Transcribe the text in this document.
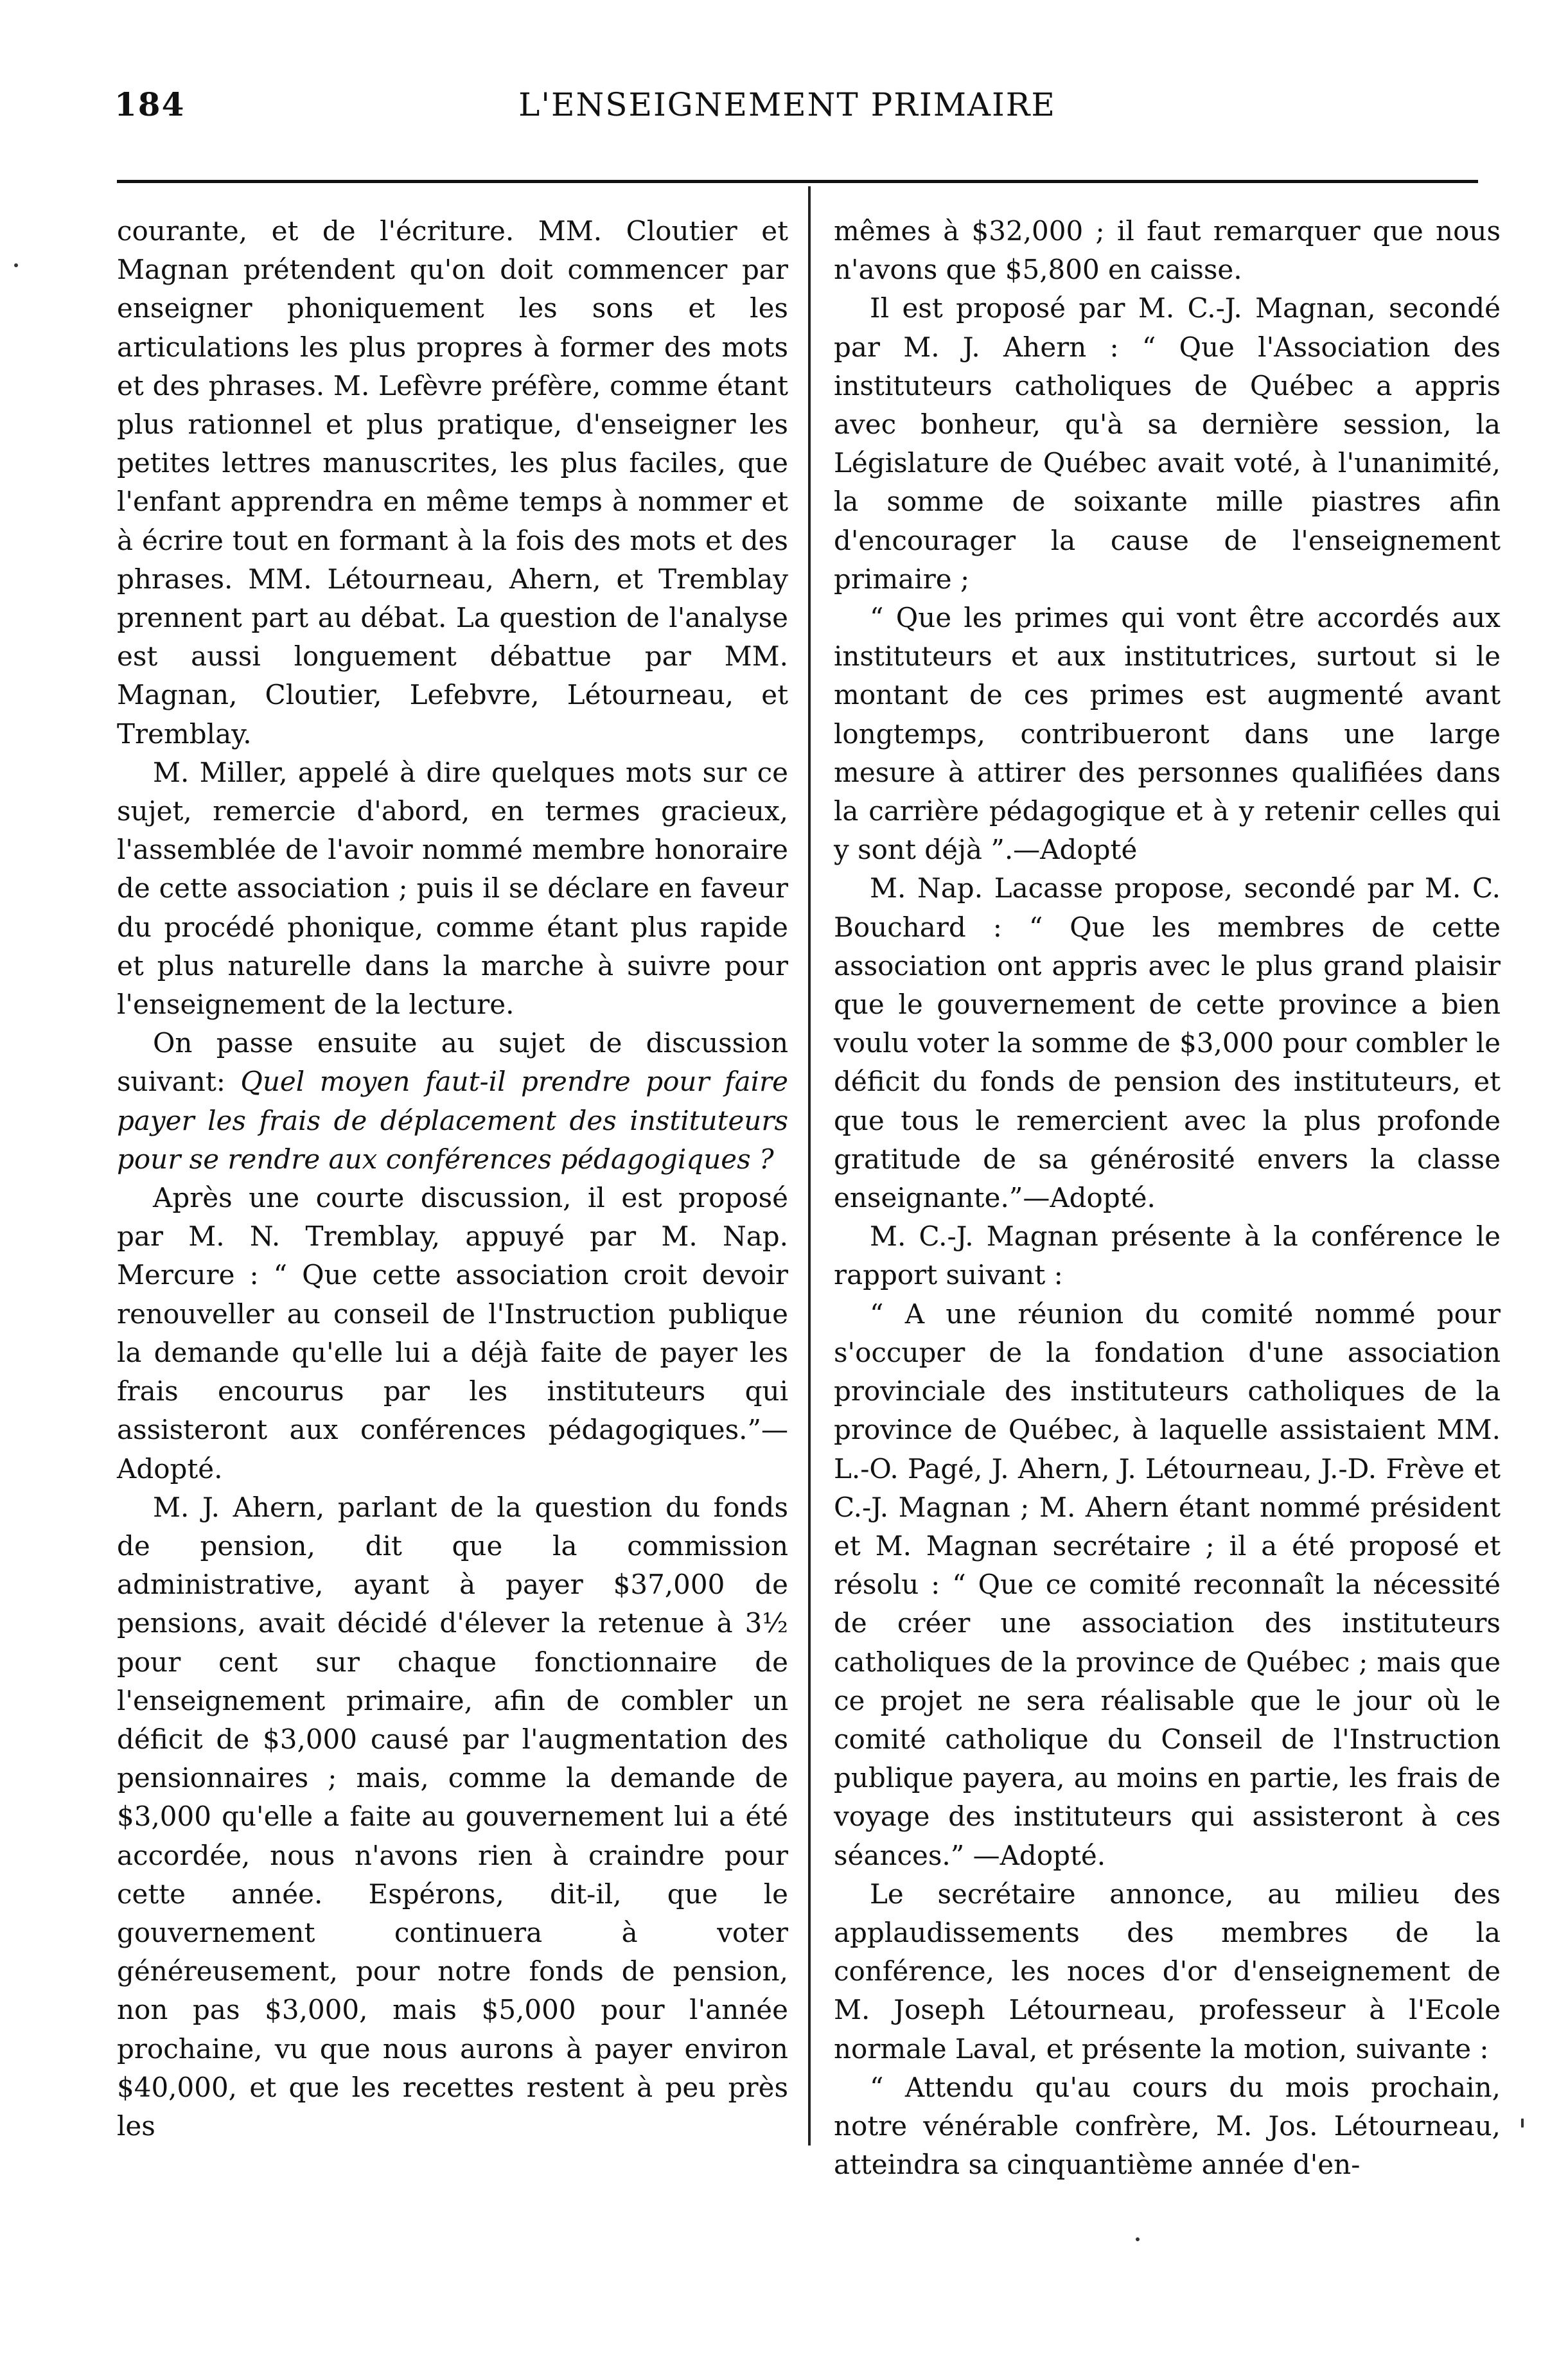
184	L'ENSEIGNEMENT PRIMAIRE

courante, et de l'écriture. MM. Cloutier et Magnan prétendent qu'on doit commencer par enseigner phoniquement les sons et les articulations les plus propres à former des mots et des phrases. M. Lefèvre préfère, comme étant plus rationnel et plus pratique, d'enseigner les petites lettres manuscrites, les plus faciles, que l'enfant apprendra en même temps à nommer et à écrire tout en formant à la fois des mots et des phrases. MM. Létourneau, Ahern, et Tremblay prennent part au débat. La question de l'analyse est aussi longuement débattue par MM. Magnan, Cloutier, Lefebvre, Létourneau, et Tremblay.

M. Miller, appelé à dire quelques mots sur ce sujet, remercie d'abord, en termes gracieux, l'assemblée de l'avoir nommé membre honoraire de cette association ; puis il se déclare en faveur du procédé phonique, comme étant plus rapide et plus naturelle dans la marche à suivre pour l'enseignement de la lecture.

On passe ensuite au sujet de discussion suivant: Quel moyen faut-il prendre pour faire payer les frais de déplacement des instituteurs pour se rendre aux conférences pédagogiques ?

Après une courte discussion, il est proposé par M. N. Tremblay, appuyé par M. Nap. Mercure : “ Que cette association croit devoir renouveller au conseil de l'Instruction publique la demande qu'elle lui a déjà faite de payer les frais encourus par les instituteurs qui assisteront aux conférences pédagogiques.”—Adopté.

M. J. Ahern, parlant de la question du fonds de pension, dit que la commission administrative, ayant à payer $37,000 de pensions, avait décidé d'élever la retenue à 3½ pour cent sur chaque fonctionnaire de l'enseignement primaire, afin de combler un déficit de $3,000 causé par l'augmentation des pensionnaires ; mais, comme la demande de $3,000 qu'elle a faite au gouvernement lui a été accordée, nous n'avons rien à craindre pour cette année. Espérons, dit-il, que le gouvernement continuera à voter généreusement, pour notre fonds de pension, non pas $3,000, mais $5,000 pour l'année prochaine, vu que nous aurons à payer environ $40,000, et que les recettes restent à peu près les

mêmes à $32,000 ; il faut remarquer que nous n'avons que $5,800 en caisse.

Il est proposé par M. C.-J. Magnan, secondé par M. J. Ahern : “ Que l'Association des instituteurs catholiques de Québec a appris avec bonheur, qu'à sa dernière session, la Législature de Québec avait voté, à l'unanimité, la somme de soixante mille piastres afin d'encourager la cause de l'enseignement primaire ;

“ Que les primes qui vont être accordés aux instituteurs et aux institutrices, surtout si le montant de ces primes est augmenté avant longtemps, contribueront dans une large mesure à attirer des personnes qualifiées dans la carrière pédagogique et à y retenir celles qui y sont déjà ”.—Adopté

M. Nap. Lacasse propose, secondé par M. C. Bouchard : “ Que les membres de cette association ont appris avec le plus grand plaisir que le gouvernement de cette province a bien voulu voter la somme de $3,000 pour combler le déficit du fonds de pension des instituteurs, et que tous le remercient avec la plus profonde gratitude de sa générosité envers la classe enseignante.”—Adopté.

M. C.-J. Magnan présente à la conférence le rapport suivant :

“ A une réunion du comité nommé pour s'occuper de la fondation d'une association provinciale des instituteurs catholiques de la province de Québec, à laquelle assistaient MM. L.-O. Pagé, J. Ahern, J. Létourneau, J.-D. Frève et C.-J. Magnan ; M. Ahern étant nommé président et M. Magnan secrétaire ; il a été proposé et résolu : “ Que ce comité reconnaît la nécessité de créer une association des instituteurs catholiques de la province de Québec ; mais que ce projet ne sera réalisable que le jour où le comité catholique du Conseil de l'Instruction publique payera, au moins en partie, les frais de voyage des instituteurs qui assisteront à ces séances.” —Adopté.

Le secrétaire annonce, au milieu des applaudissements des membres de la conférence, les noces d'or d'enseignement de M. Joseph Létourneau, professeur à l'Ecole normale Laval, et présente la motion, suivante :

“ Attendu qu'au cours du mois prochain, notre vénérable confrère, M. Jos. Létourneau, atteindra sa cinquantième année d'en-
